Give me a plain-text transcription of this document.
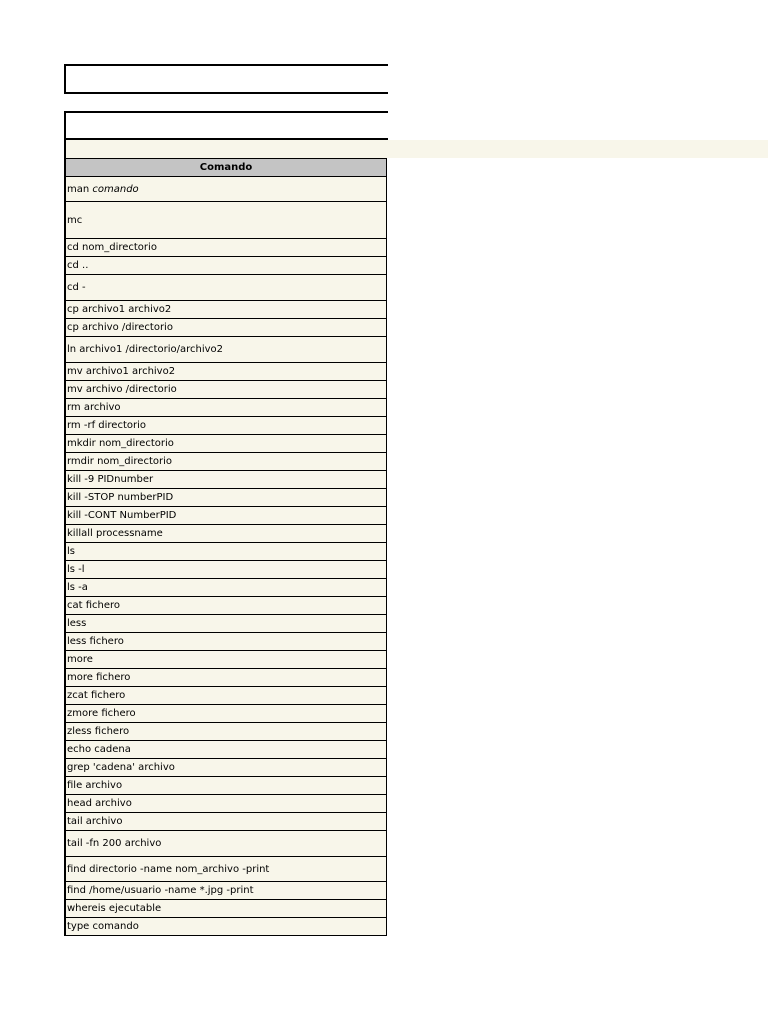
Comando
man comando
mc
cd nom_directorio
cd ..
cd -
cp archivo1 archivo2
cp archivo /directorio
ln archivo1 /directorio/archivo2
mv archivo1 archivo2
mv archivo /directorio
rm archivo
rm -rf directorio
mkdir nom_directorio
rmdir nom_directorio
kill -9 PIDnumber
kill -STOP numberPID
kill -CONT NumberPID
killall processname
ls
ls -l
ls -a
cat fichero
less
less fichero
more
more fichero
zcat fichero
zmore fichero
zless fichero
echo cadena
grep 'cadena' archivo
file archivo
head archivo
tail archivo
tail -fn 200 archivo
find directorio -name nom_archivo -print
find /home/usuario -name *.jpg -print
whereis ejecutable
type comando
